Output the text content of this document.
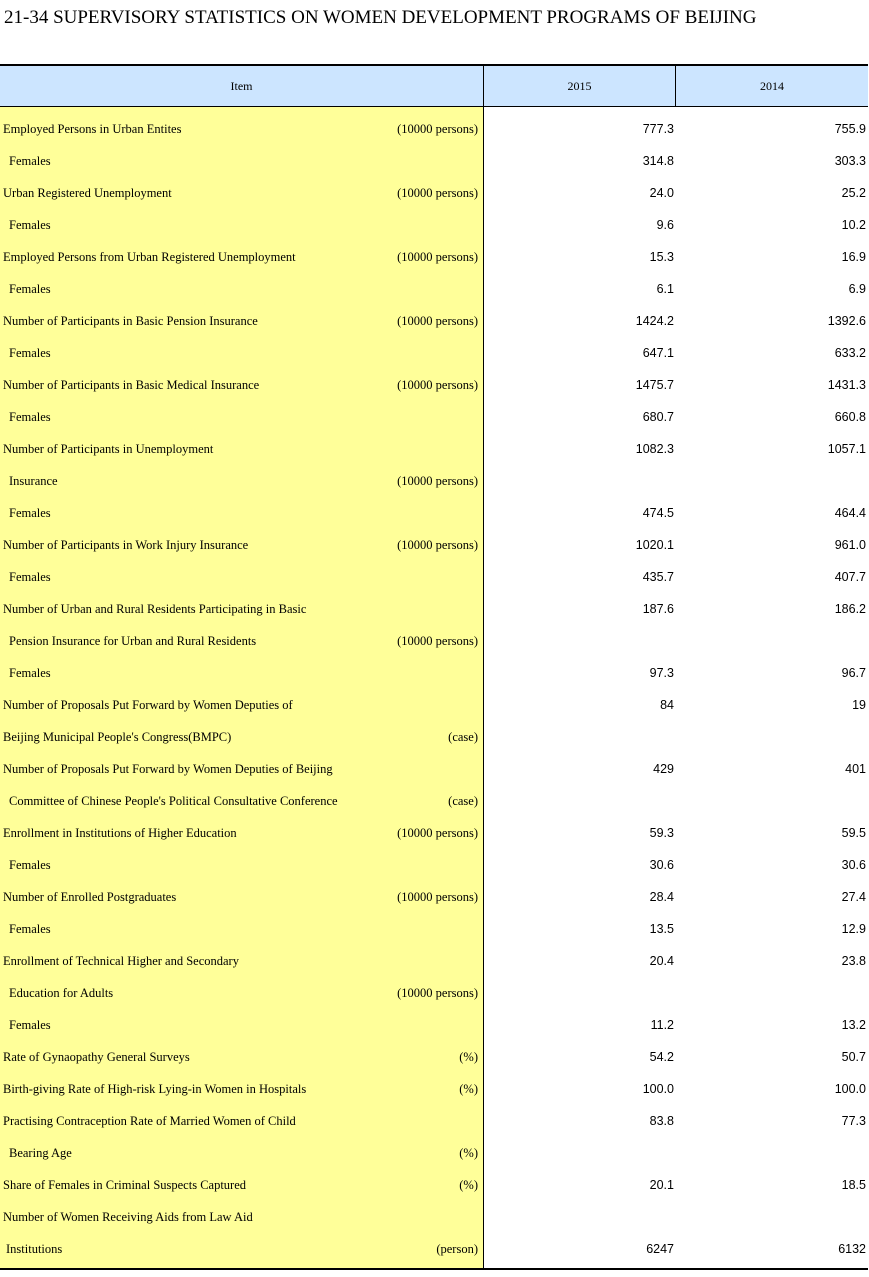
21-34 SUPERVISORY STATISTICS ON WOMEN DEVELOPMENT PROGRAMS OF BEIJING
Item	2015	2014
Employed Persons in Urban Entites	(10000 persons)	777.3	755.9
Females	314.8	303.3
Urban Registered Unemployment	(10000 persons)	24.0	25.2
Females	9.6	10.2
Employed Persons from Urban Registered Unemployment	(10000 persons)	15.3	16.9
Females	6.1	6.9
Number of Participants in Basic Pension Insurance	(10000 persons)	1424.2	1392.6
Females	647.1	633.2
Number of Participants in Basic Medical Insurance	(10000 persons)	1475.7	1431.3
Females	680.7	660.8
Number of Participants in Unemployment	1082.3	1057.1
Insurance	(10000 persons)
Females	474.5	464.4
Number of Participants in Work Injury Insurance	(10000 persons)	1020.1	961.0
Females	435.7	407.7
Number of Urban and Rural Residents Participating in Basic	187.6	186.2
Pension Insurance for Urban and Rural Residents	(10000 persons)
Females	97.3	96.7
Number of Proposals Put Forward by Women Deputies of	84	19
Beijing Municipal People's Congress(BMPC)	(case)
Number of Proposals Put Forward by Women Deputies of Beijing	429	401
Committee of Chinese People's Political Consultative Conference	(case)
Enrollment in Institutions of Higher Education	(10000 persons)	59.3	59.5
Females	30.6	30.6
Number of Enrolled Postgraduates	(10000 persons)	28.4	27.4
Females	13.5	12.9
Enrollment of Technical Higher and Secondary	20.4	23.8
Education for Adults	(10000 persons)
Females	11.2	13.2
Rate of Gynaopathy General Surveys	(%)	54.2	50.7
Birth-giving Rate of High-risk Lying-in Women in Hospitals	(%)	100.0	100.0
Practising Contraception Rate of Married Women of Child	83.8	77.3
Bearing Age	(%)
Share of Females in Criminal Suspects Captured	(%)	20.1	18.5
Number of Women Receiving Aids from Law Aid
Institutions	(person)	6247	6132
